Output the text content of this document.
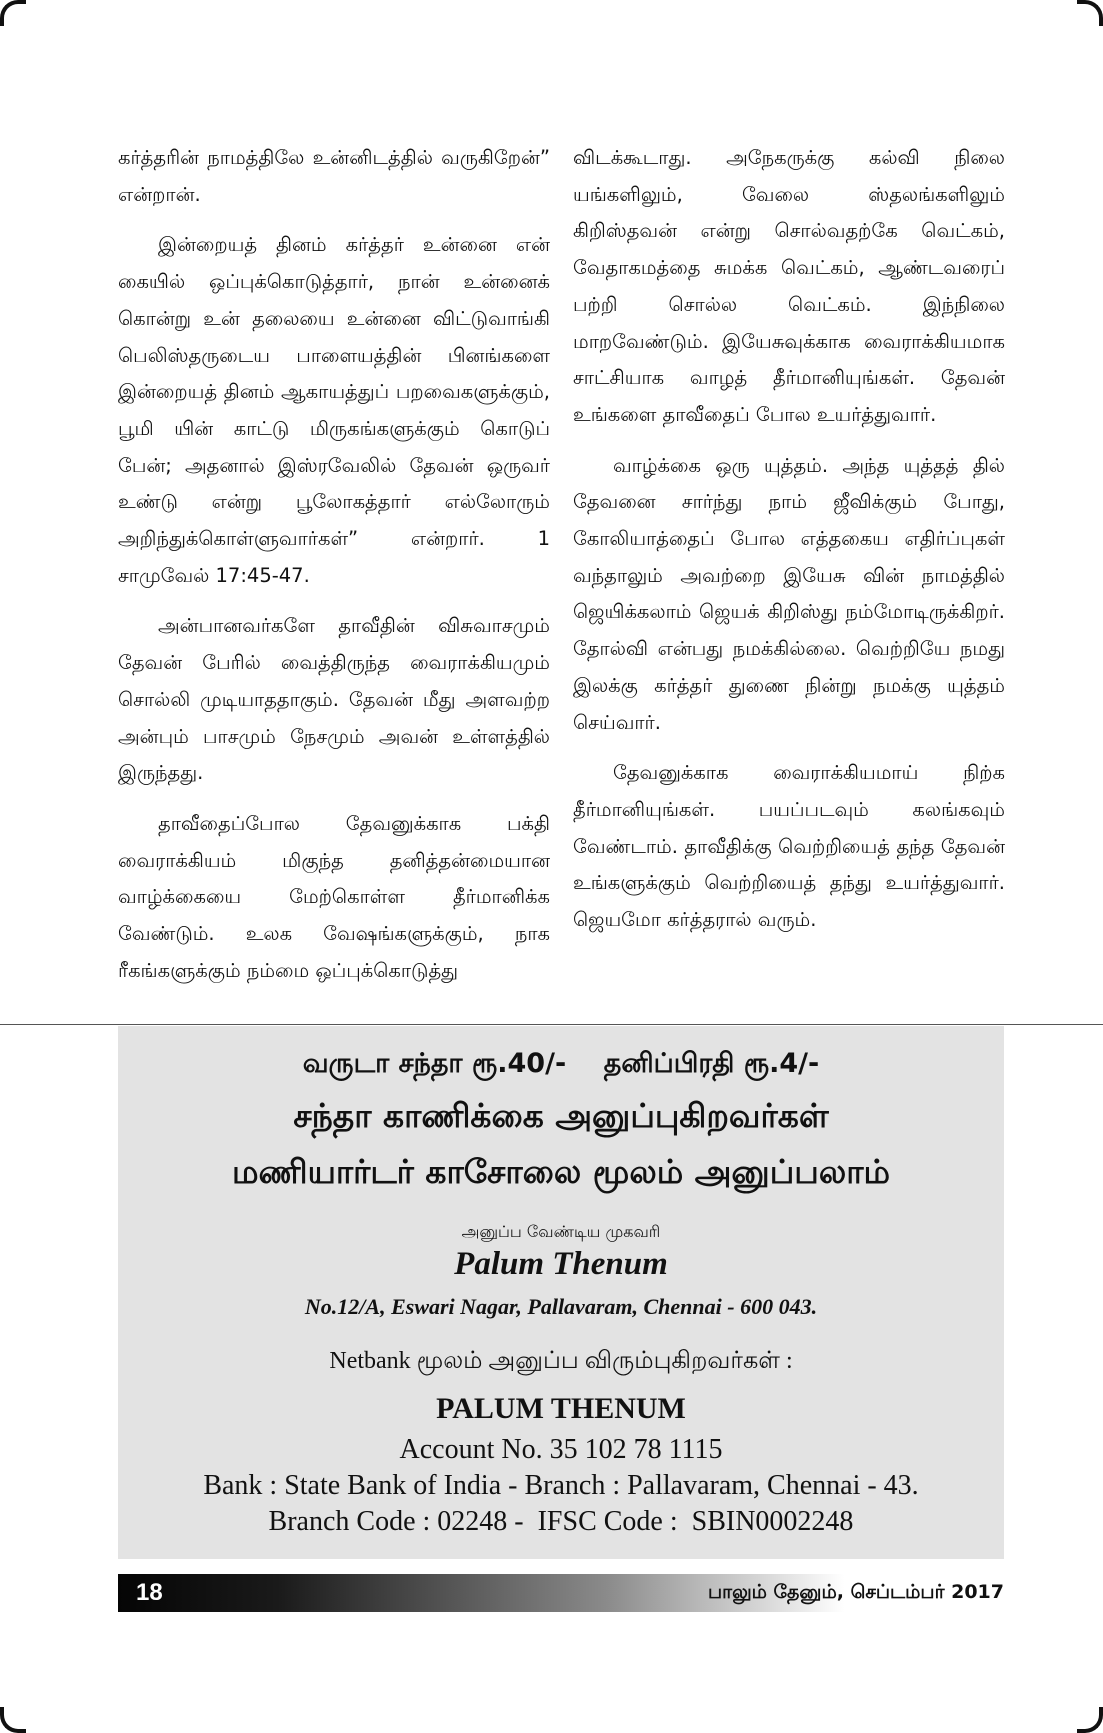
கர்த்தரின் நாமத்திலே உன்னிடத்தில் வருகிறேன்” என்றான்.

இன்றையத் தினம் கர்த்தர் உன்னை என் கையில் ஒப்புக்கொடுத்தார், நான் உன்னைக் கொன்று உன் தலையை உன்னை விட்டுவாங்கி பெலிஸ்தருடைய பாளையத்தின் பினங்களை இன்றையத் தினம் ஆகாயத்துப் பறவைகளுக்கும், பூமி யின் காட்டு மிருகங்களுக்கும் கொடுப் பேன்; அதனால் இஸ்ரவேலில் தேவன் ஒருவர் உண்டு என்று பூலோகத்தார் எல்லோரும் அறிந்துக்கொள்ளுவார்கள்” என்றார். 1 சாமுவேல் 17:45-47.

அன்பானவர்களே தாவீதின் விசுவாசமும் தேவன் பேரில் வைத்திருந்த வைராக்கியமும் சொல்லி முடியாததாகும். தேவன் மீது அளவற்ற அன்பும் பாசமும் நேசமும் அவன் உள்ளத்தில் இருந்தது.

தாவீதைப்போல தேவனுக்காக பக்தி வைராக்கியம் மிகுந்த தனித்தன்மையான வாழ்க்கையை மேற்கொள்ள தீர்மானிக்க வேண்டும். உலக வேஷங்களுக்கும், நாக ரீகங்களுக்கும் நம்மை ஒப்புக்கொடுத்து

விடக்கூடாது. அநேகருக்கு கல்வி நிலை யங்களிலும், வேலை ஸ்தலங்களிலும் கிறிஸ்தவன் என்று சொல்வதற்கே வெட்கம், வேதாகமத்தை சுமக்க வெட்கம், ஆண்டவரைப் பற்றி சொல்ல வெட்கம். இந்நிலை மாறவேண்டும். இயேசுவுக்காக வைராக்கியமாக சாட்சியாக வாழத் தீர்மானியுங்கள். தேவன் உங்களை தாவீதைப் போல உயர்த்துவார்.

வாழ்க்கை ஒரு யுத்தம். அந்த யுத்தத் தில் தேவனை சார்ந்து நாம் ஜீவிக்கும் போது, கோலியாத்தைப் போல எத்தகைய எதிர்ப்புகள் வந்தாலும் அவற்றை இயேசு வின் நாமத்தில் ஜெயிக்கலாம் ஜெயக் கிறிஸ்து நம்மோடிருக்கிறர். தோல்வி என்பது நமக்கில்லை. வெற்றியே நமது இலக்கு கர்த்தர் துணை நின்று நமக்கு யுத்தம் செய்வார்.

தேவனுக்காக வைராக்கியமாய் நிற்க தீர்மானியுங்கள். பயப்படவும் கலங்கவும் வேண்டாம். தாவீதிக்கு வெற்றியைத் தந்த தேவன் உங்களுக்கும் வெற்றியைத் தந்து உயர்த்துவார். ஜெயமோ கர்த்தரால் வரும்.

வருடா சந்தா ரூ.40/-    தனிப்பிரதி ரூ.4/-
சந்தா காணிக்கை அனுப்புகிறவர்கள்
மணியார்டர் காசோலை மூலம் அனுப்பலாம்
அனுப்ப வேண்டிய முகவரி
Palum Thenum
No.12/A, Eswari Nagar, Pallavaram, Chennai - 600 043.
Netbank மூலம் அனுப்ப விரும்புகிறவர்கள் :
PALUM THENUM
Account No. 35 102 78 1115
Bank : State Bank of India - Branch : Pallavaram, Chennai - 43.
Branch Code : 02248 -  IFSC Code :  SBIN0002248
18	பாலும் தேனும், செப்டம்பர் 2017
